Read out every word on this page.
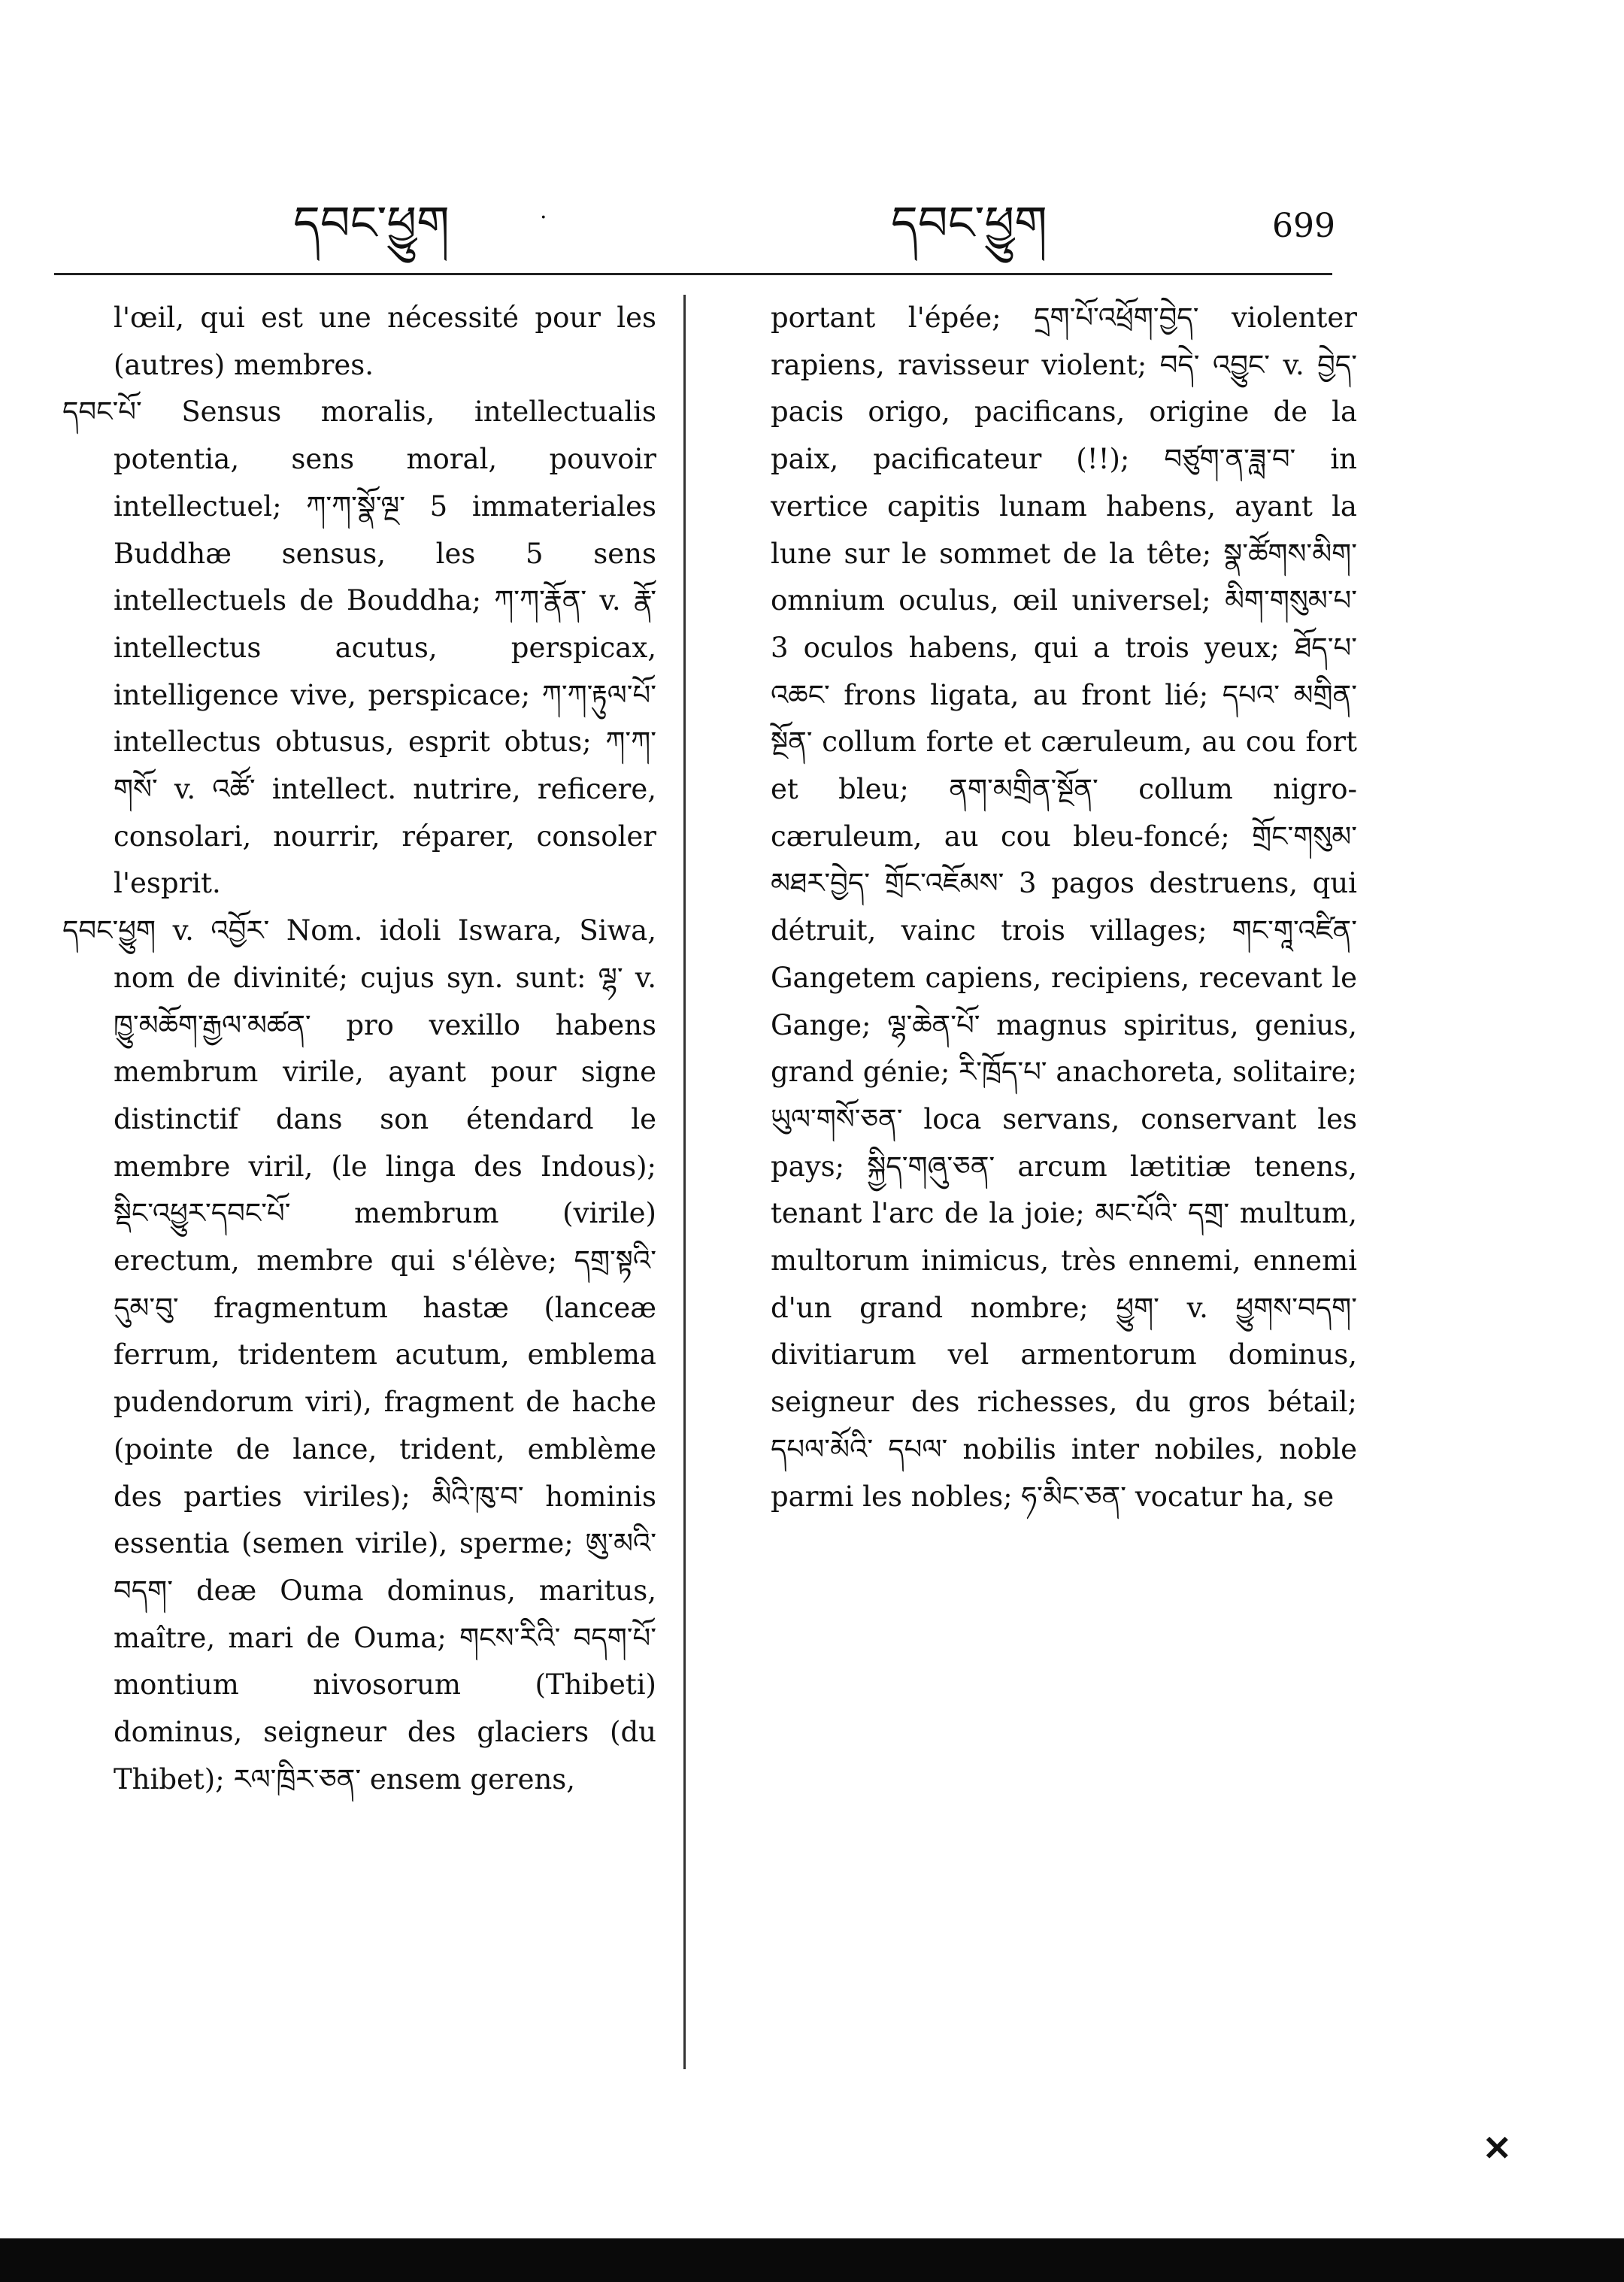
དབང་ཕྱུག	·	དབང་ཕྱུག	699

l'œil, qui est une nécessité pour les (autres) membres.

དབང་པོ་ Sensus moralis, intellectualis potentia, sens moral, pouvoir intellectuel; ཀ་ཀ་སྣོ་ལྔ་ 5 immateriales Buddhæ sensus, les 5 sens intellectuels de Bouddha; ཀ་ཀ་རྣོན་ v. རྣོ་ intellectus acutus, perspicax, intelligence vive, perspicace; ཀ་ཀ་རྟུལ་པོ་ intellectus obtusus, esprit obtus; ཀ་ཀ་གསོ་ v. འཚོ་ intellect. nutrire, reficere, consolari, nourrir, réparer, consoler l'esprit.

དབང་ཕྱུག v. འབྱོར་ Nom. idoli Iswara, Siwa, nom de divinité; cujus syn. sunt: ལྷ་ v. ཁྱུ་མཆོག་རྒྱལ་མཚན་ pro vexillo habens membrum virile, ayant pour signe distinctif dans son étendard le membre viril, (le linga des Indous); སྡིང་འཕྱུར་དབང་པོ་ membrum (virile) erectum, membre qui s'élève; དགྲ་སྟའི་ དུམ་བུ་ fragmentum hastæ (lanceæ ferrum, tridentem acutum, emblema pudendorum viri), fragment de hache (pointe de lance, trident, emblème des parties viriles); མིའི་ཁུ་བ་ hominis essentia (semen virile), sperme; ཨུ་མའི་ བདག་ deæ Ouma dominus, maritus, maître, mari de Ouma; གངས་རིའི་ བདག་པོ་ montium nivosorum (Thibeti) dominus, seigneur des glaciers (du Thibet); རལ་ཁྲིར་ཅན་ ensem gerens,

portant l'épée; དྲག་པོ་འཕྲོག་བྱེད་ violenter rapiens, ravisseur violent; བདེ་ འབྱུང་ v. བྱེད་ pacis origo, pacificans, origine de la paix, pacificateur (!!); བཙུག་ན་ཟླ་བ་ in vertice capitis lunam habens, ayant la lune sur le sommet de la tête; སྣ་ཚོགས་མིག་ omnium oculus, œil universel; མིག་གསུམ་པ་ 3 oculos habens, qui a trois yeux; ཐོད་པ་ འཆང་ frons ligata, au front lié; དཔའ་ མགྲིན་སྔོན་ collum forte et cæruleum, au cou fort et bleu; ནག་མགྲིན་སྔོན་ collum nigro-cæruleum, au cou bleu-foncé; གྲོང་གསུམ་མཐར་བྱེད་ གྲོང་འཇོམས་ 3 pagos destruens, qui détruit, vainc trois villages; གང་གཱ་འཛིན་ Gangetem capiens, recipiens, recevant le Gange; ལྷ་ཆེན་པོ་ magnus spiritus, genius, grand génie; རི་ཁྲོད་པ་ anachoreta, solitaire; ཡུལ་གསོ་ཅན་ loca servans, conservant les pays; སྐྱིད་གཞུ་ཅན་ arcum lætitiæ tenens, tenant l'arc de la joie; མང་པོའི་ དགྲ་ multum, multorum inimicus, très ennemi, ennemi d'un grand nombre; ཕྱུག་ v. ཕྱུགས་བདག་ divitiarum vel armentorum dominus, seigneur des richesses, du gros bétail; དཔལ་མོའི་ དཔལ་ nobilis inter nobiles, noble parmi les nobles; ཧ་མིང་ཅན་ vocatur ha, se

✕
